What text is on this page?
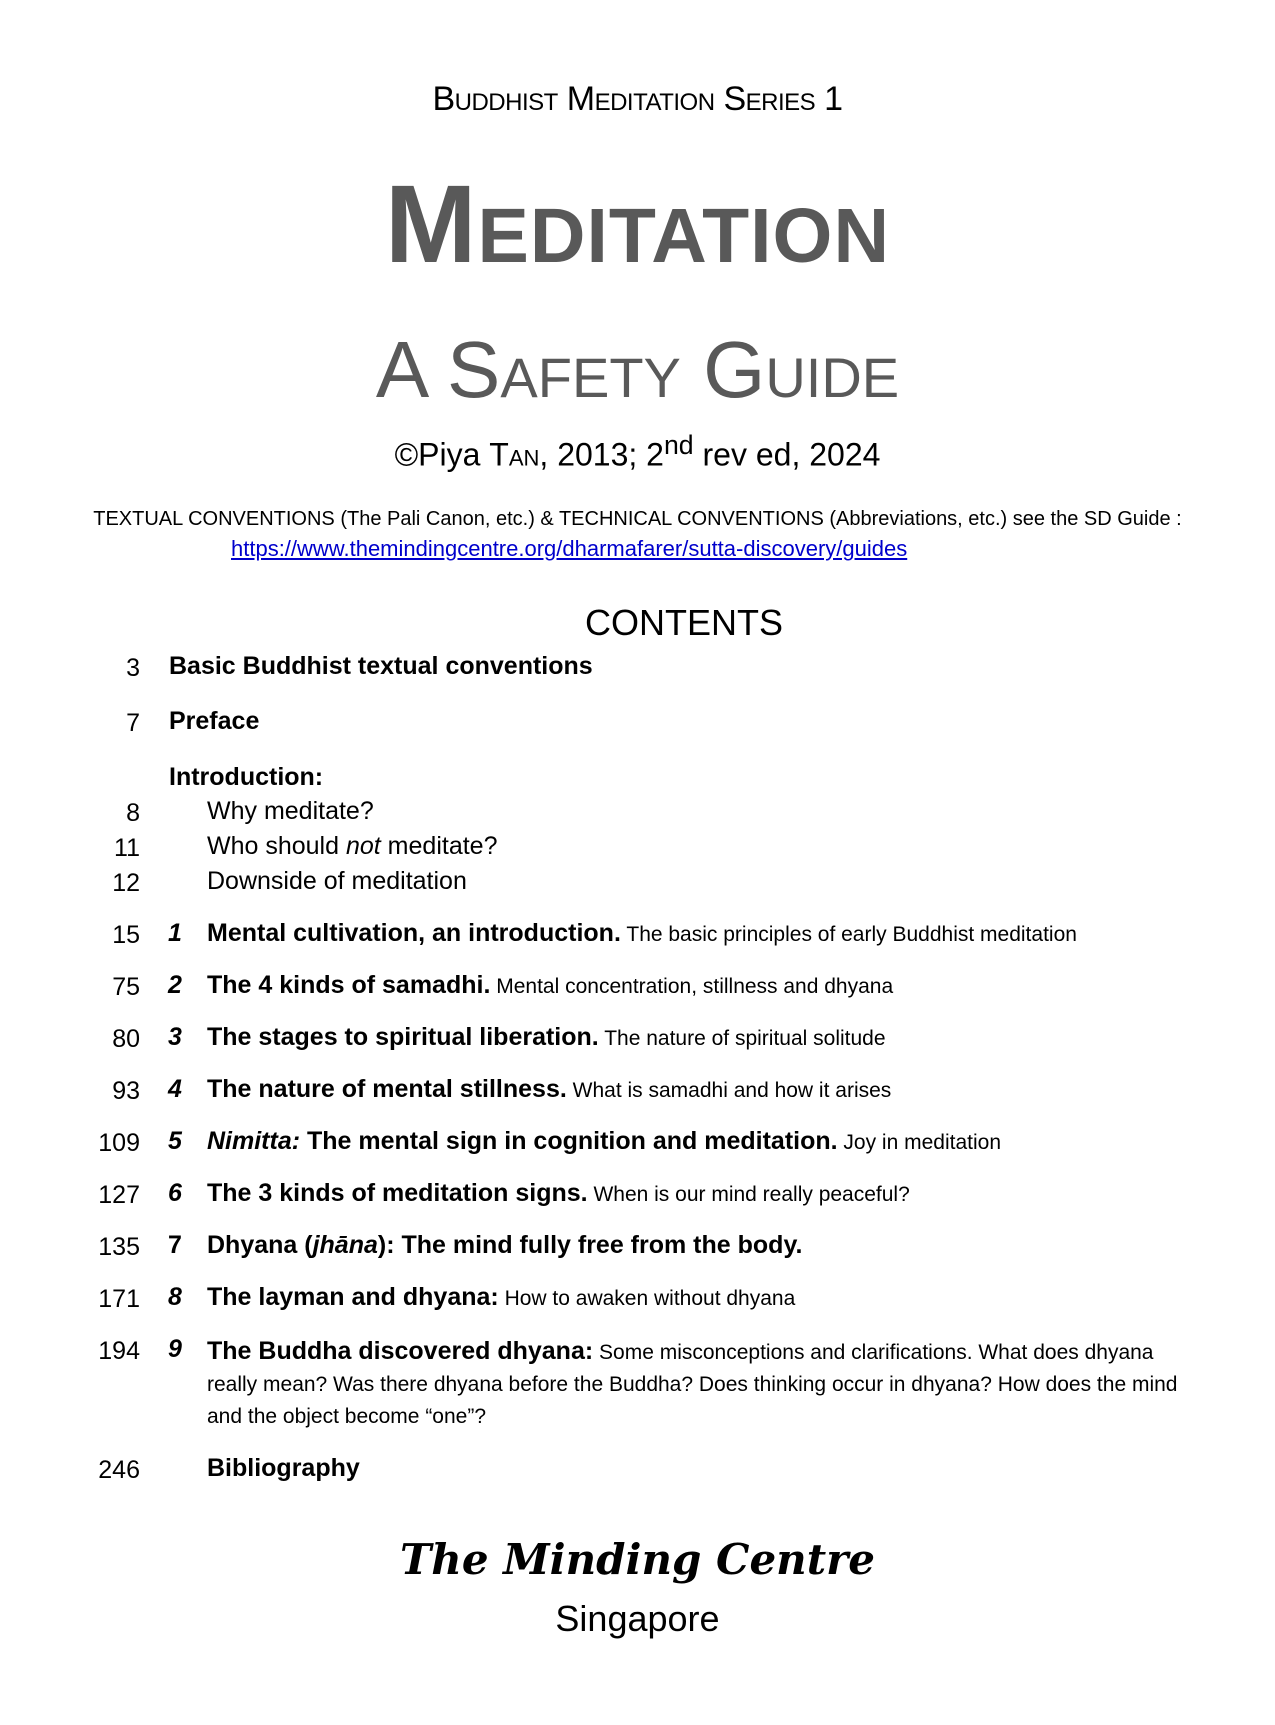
Buddhist Meditation Series 1
Meditation
A Safety Guide
©Piya Tan, 2013; 2nd rev ed, 2024
TEXTUAL CONVENTIONS (The Pali Canon, etc.) & TECHNICAL CONVENTIONS (Abbreviations, etc.) see the SD Guide :
https://www.themindingcentre.org/dharmafarer/sutta-discovery/guides
CONTENTS
3 Basic Buddhist textual conventions
7 Preface
Introduction:
8	Why meditate?
11	Who should not meditate?
12	Downside of meditation
15 1 Mental cultivation, an introduction. The basic principles of early Buddhist meditation
75 2 The 4 kinds of samadhi. Mental concentration, stillness and dhyana
80 3 The stages to spiritual liberation. The nature of spiritual solitude
93 4 The nature of mental stillness. What is samadhi and how it arises
109 5 Nimitta: The mental sign in cognition and meditation. Joy in meditation
127 6 The 3 kinds of meditation signs. When is our mind really peaceful?
135 7 Dhyana (jhāna): The mind fully free from the body.
171 8 The layman and dhyana: How to awaken without dhyana
194 9 The Buddha discovered dhyana: Some misconceptions and clarifications. What does dhyana really mean? Was there dhyana before the Buddha? Does thinking occur in dhyana? How does the mind and the object become “one”?
246	Bibliography
The Minding Centre
Singapore
